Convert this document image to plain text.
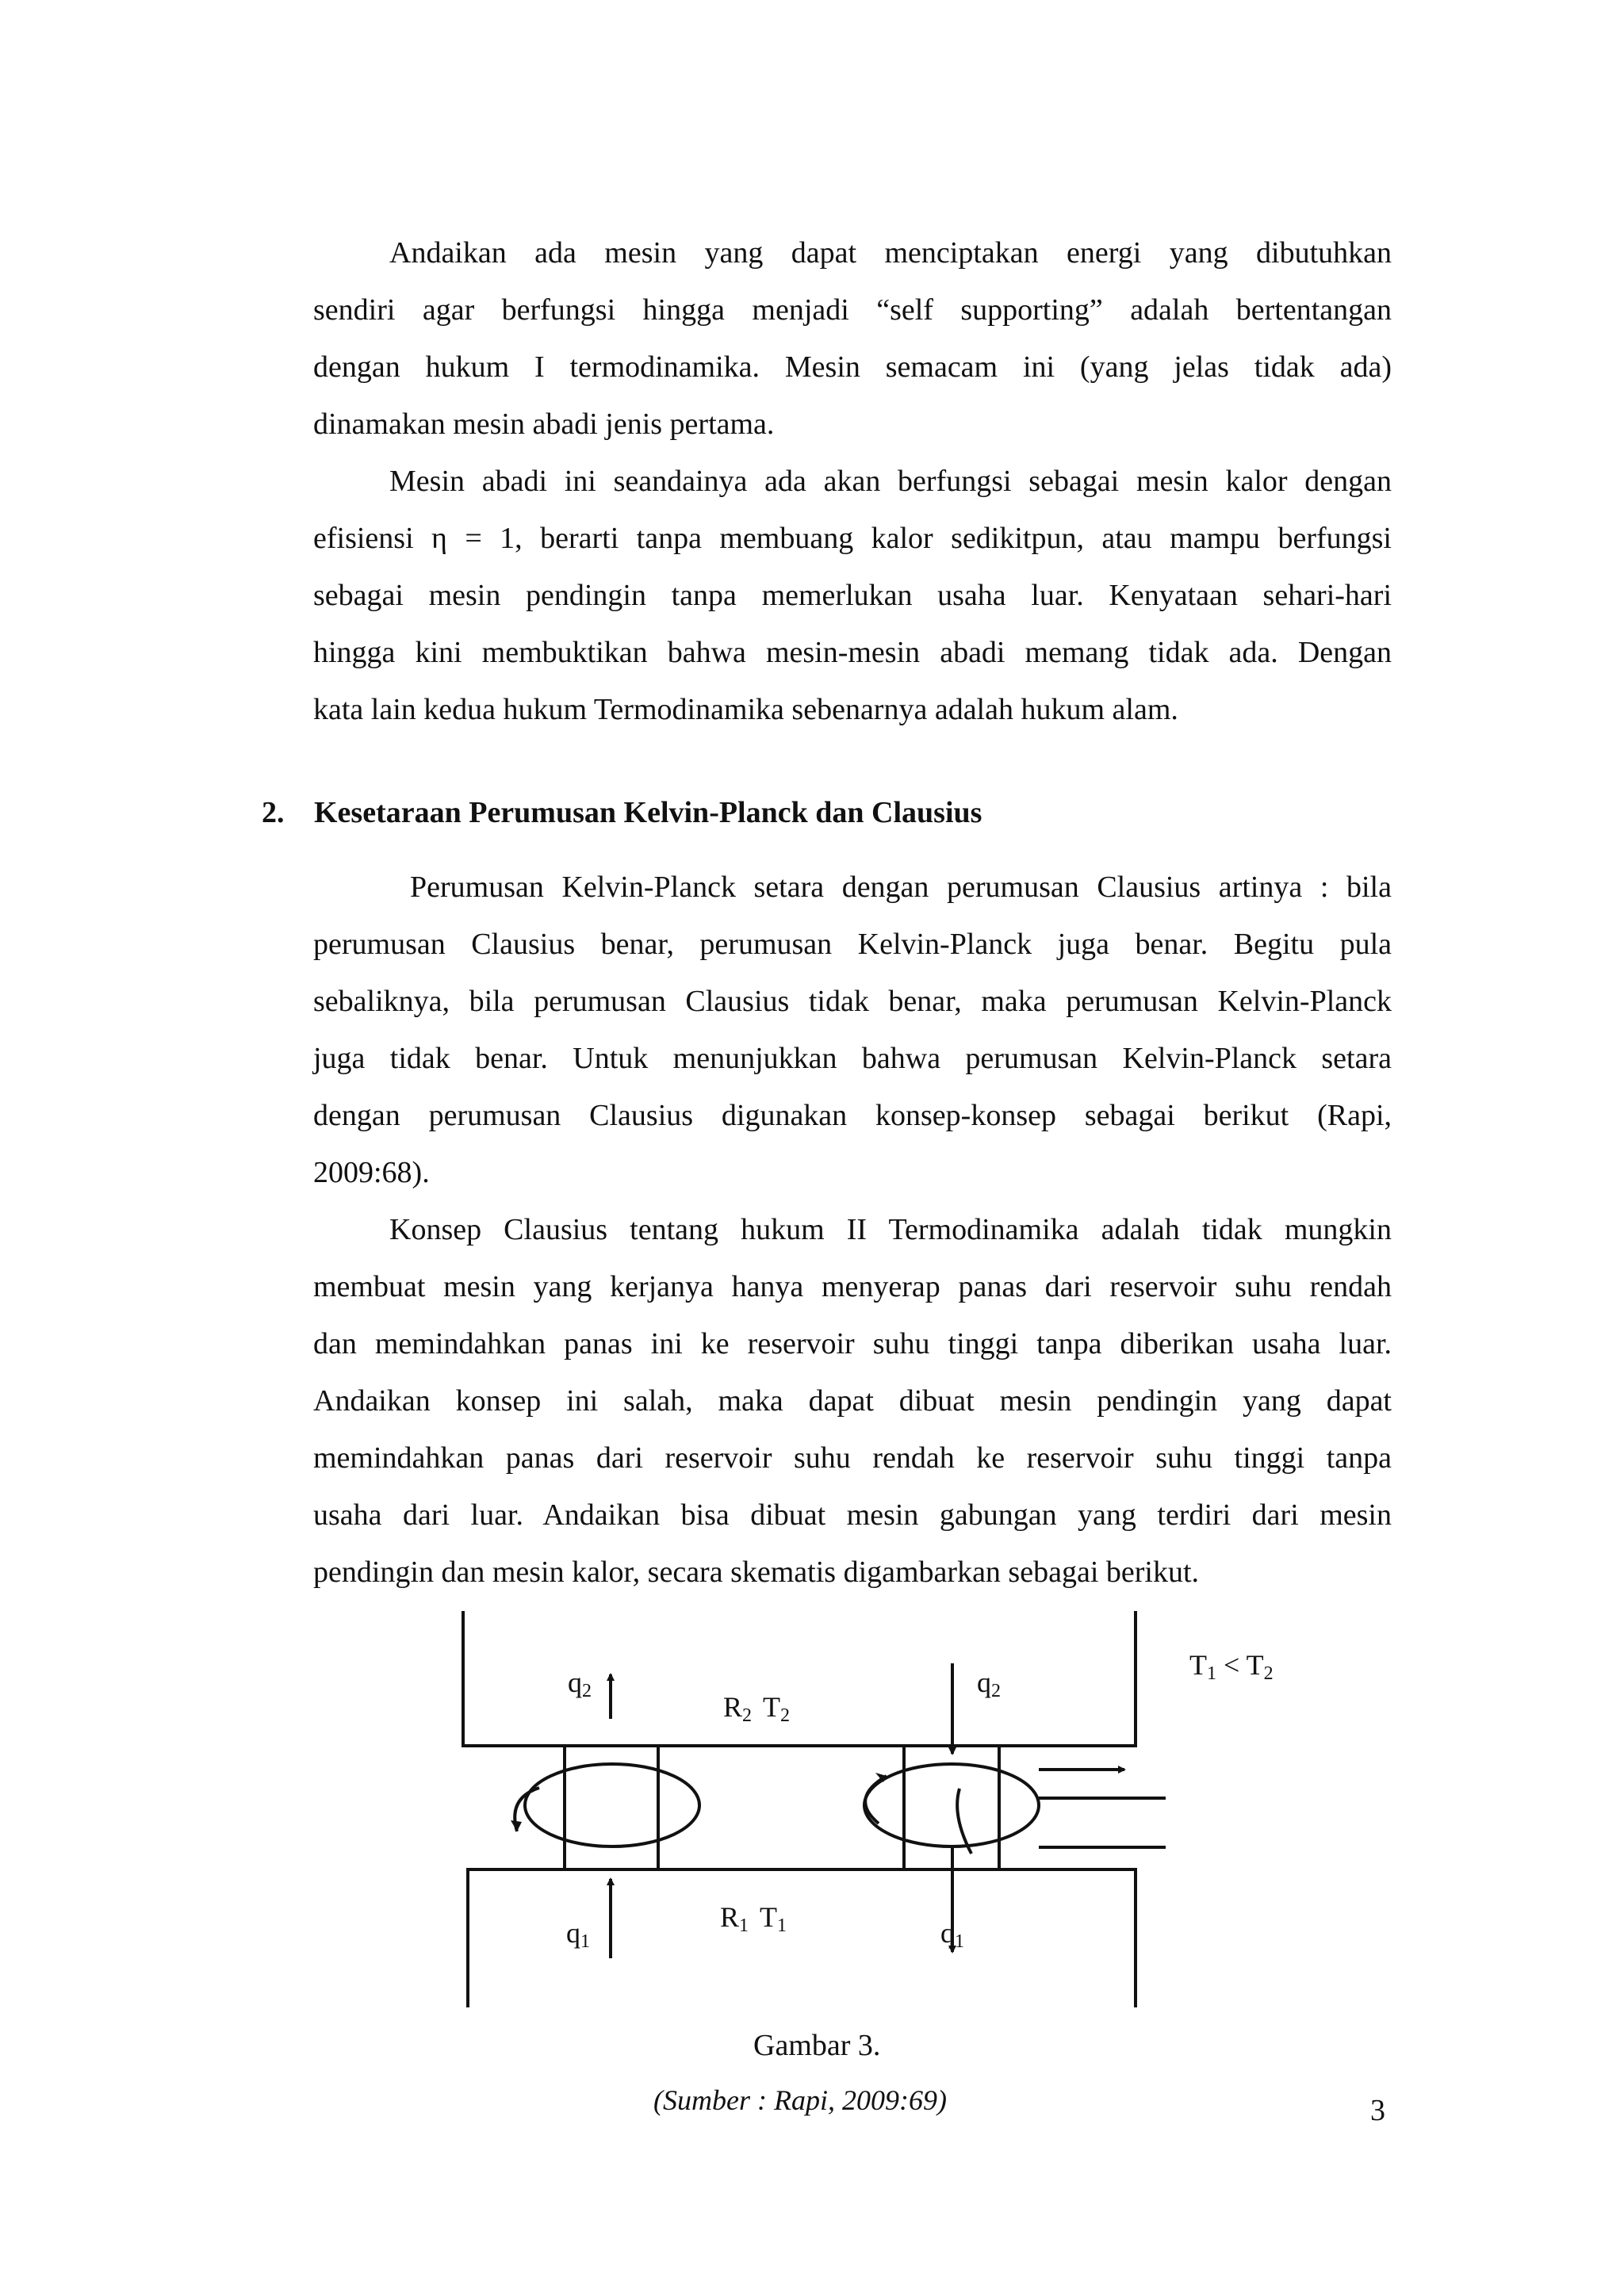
Andaikan ada mesin yang dapat menciptakan energi yang dibutuhkan
sendiri agar berfungsi hingga menjadi “self supporting” adalah bertentangan
dengan hukum I termodinamika. Mesin semacam ini (yang jelas tidak ada)
dinamakan mesin abadi jenis pertama.
Mesin abadi ini seandainya ada akan berfungsi sebagai mesin kalor dengan
efisiensi η = 1, berarti tanpa membuang kalor sedikitpun, atau mampu berfungsi
sebagai mesin pendingin tanpa memerlukan usaha luar. Kenyataan sehari-hari
hingga kini membuktikan bahwa mesin-mesin abadi memang tidak ada. Dengan
kata lain kedua hukum Termodinamika sebenarnya adalah hukum alam.
2. Kesetaraan Perumusan Kelvin-Planck dan Clausius
Perumusan Kelvin-Planck setara dengan perumusan Clausius artinya : bila
perumusan Clausius benar, perumusan Kelvin-Planck juga benar. Begitu pula
sebaliknya, bila perumusan Clausius tidak benar, maka perumusan Kelvin-Planck
juga tidak benar. Untuk menunjukkan bahwa perumusan Kelvin-Planck setara
dengan perumusan Clausius digunakan konsep-konsep sebagai berikut (Rapi,
2009:68).
Konsep Clausius tentang hukum II Termodinamika adalah tidak mungkin
membuat mesin yang kerjanya hanya menyerap panas dari reservoir suhu rendah
dan memindahkan panas ini ke reservoir suhu tinggi tanpa diberikan usaha luar.
Andaikan konsep ini salah, maka dapat dibuat mesin pendingin yang dapat
memindahkan panas dari reservoir suhu rendah ke reservoir suhu tinggi tanpa
usaha dari luar. Andaikan bisa dibuat mesin gabungan yang terdiri dari mesin
pendingin dan mesin kalor, secara skematis digambarkan sebagai berikut.
T1 < T2
q2	q2
R2 T2
R1 T1
q1	q1
Gambar 3.
(Sumber : Rapi, 2009:69)	3
